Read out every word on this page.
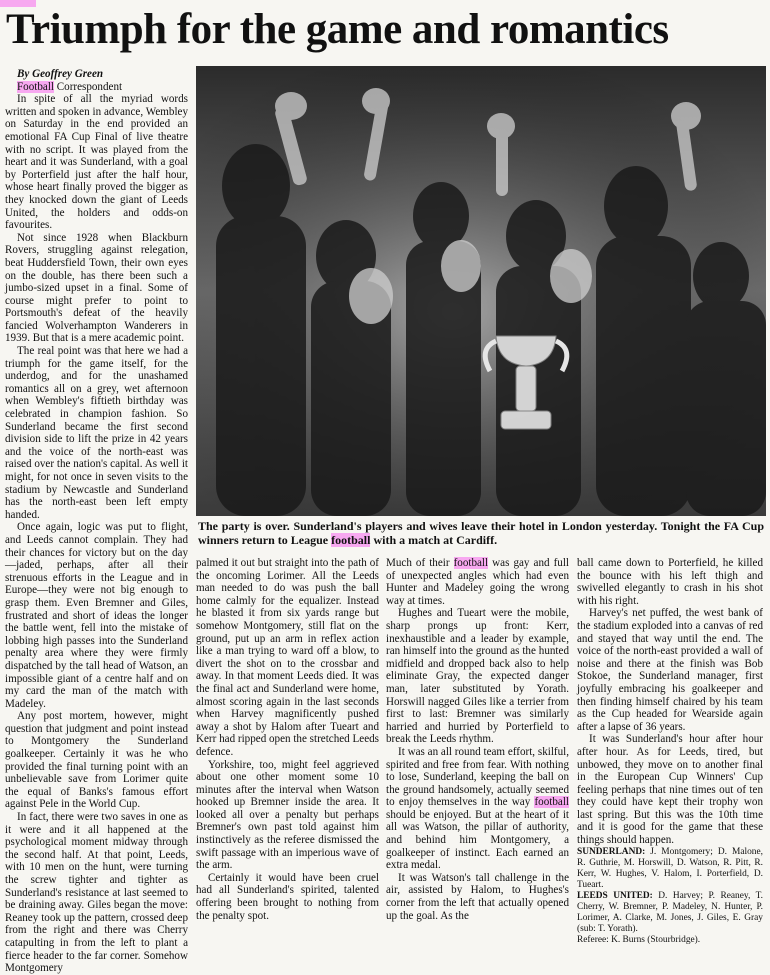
Triumph for the game and romantics

By Geoffrey Green

Football Correspondent

In spite of all the myriad words written and spoken in advance, Wembley on Saturday in the end provided an emotional FA Cup Final of live theatre with no script. It was played from the heart and it was Sunderland, with a goal by Porterfield just after the half hour, whose heart finally proved the bigger as they knocked down the giant of Leeds United, the holders and odds-on favourites.

Not since 1928 when Blackburn Rovers, struggling against relegation, beat Huddersfield Town, their own eyes on the double, has there been such a jumbo-sized upset in a final. Some of course might prefer to point to Portsmouth's defeat of the heavily fancied Wolverhampton Wanderers in 1939. But that is a mere academic point.

The real point was that here we had a triumph for the game itself, for the underdog, and for the unashamed romantics all on a grey, wet afternoon when Wembley's fiftieth birthday was celebrated in champion fashion. So Sunderland became the first second division side to lift the prize in 42 years and the voice of the north-east was raised over the nation's capital. As well it might, for not once in seven visits to the stadium by Newcastle and Sunderland has the north-east been left empty handed.

Once again, logic was put to flight, and Leeds cannot complain. They had their chances for victory but on the day—jaded, perhaps, after all their strenuous efforts in the League and in Europe—they were not big enough to grasp them. Even Bremner and Giles, frustrated and short of ideas the longer the battle went, fell into the mistake of lobbing high passes into the Sunderland penalty area where they were firmly dispatched by the tall head of Watson, an impossible giant of a centre half and on my card the man of the match with Madeley.

Any post mortem, however, might question that judgment and point instead to Montgomery the Sunderland goalkeeper. Certainly it was he who provided the final turning point with an unbelievable save from Lorimer quite the equal of Banks's famous effort against Pele in the World Cup.

In fact, there were two saves in one as it were and it all happened at the psychological moment midway through the second half. At that point, Leeds, with 10 men on the hunt, were turning the screw tighter and tighter as Sunderland's resistance at last seemed to be draining away. Giles began the move: Reaney took up the pattern, crossed deep from the right and there was Cherry catapulting in from the left to plant a fierce header to the far corner. Somehow Montgomery

The party is over. Sunderland's players and wives leave their hotel in London yesterday. Tonight the FA Cup winners return to League football with a match at Cardiff.

palmed it out but straight into the path of the oncoming Lorimer. All the Leeds man needed to do was push the ball home calmly for the equalizer. Instead he blasted it from six yards range but somehow Montgomery, still flat on the ground, put up an arm in reflex action like a man trying to ward off a blow, to divert the shot on to the crossbar and away. In that moment Leeds died. It was the final act and Sunderland were home, almost scoring again in the last seconds when Harvey magnificently pushed away a shot by Halom after Tueart and Kerr had ripped open the stretched Leeds defence.

Yorkshire, too, might feel aggrieved about one other moment some 10 minutes after the interval when Watson hooked up Bremner inside the area. It looked all over a penalty but perhaps Bremner's own past told against him instinctively as the referee dismissed the swift passage with an imperious wave of the arm.

Certainly it would have been cruel had all Sunderland's spirited, talented offering been brought to nothing from the penalty spot.

Much of their football was gay and full of unexpected angles which had even Hunter and Madeley going the wrong way at times.

Hughes and Tueart were the mobile, sharp prongs up front: Kerr, inexhaustible and a leader by example, ran himself into the ground as the hunted midfield and dropped back also to help eliminate Gray, the expected danger man, later substituted by Yorath. Horswill nagged Giles like a terrier from first to last: Bremner was similarly harried and hurried by Porterfield to break the Leeds rhythm.

It was an all round team effort, skilful, spirited and free from fear. With nothing to lose, Sunderland, keeping the ball on the ground handsomely, actually seemed to enjoy themselves in the way football should be enjoyed. But at the heart of it all was Watson, the pillar of authority, and behind him Montgomery, a goalkeeper of instinct. Each earned an extra medal.

It was Watson's tall challenge in the air, assisted by Halom, to Hughes's corner from the left that actually opened up the goal. As the

ball came down to Porterfield, he killed the bounce with his left thigh and swivelled elegantly to crash in his shot with his right.

Harvey's net puffed, the west bank of the stadium exploded into a canvas of red and stayed that way until the end. The voice of the north-east provided a wall of noise and there at the finish was Bob Stokoe, the Sunderland manager, first joyfully embracing his goalkeeper and then finding himself chaired by his team as the Cup headed for Wearside again after a lapse of 36 years.

It was Sunderland's hour after hour after hour. As for Leeds, tired, but unbowed, they move on to another final in the European Cup Winners' Cup feeling perhaps that nine times out of ten they could have kept their trophy won last spring. But this was the 10th time and it is good for the game that these things should happen.

SUNDERLAND: J. Montgomery; D. Malone, R. Guthrie, M. Horswill, D. Watson, R. Pitt, R. Kerr, W. Hughes, V. Halom, I. Porterfield, D. Tueart.

LEEDS UNITED: D. Harvey; P. Reaney, T. Cherry, W. Bremner, P. Madeley, N. Hunter, P. Lorimer, A. Clarke, M. Jones, J. Giles, E. Gray (sub: T. Yorath).

Referee: K. Burns (Stourbridge).
